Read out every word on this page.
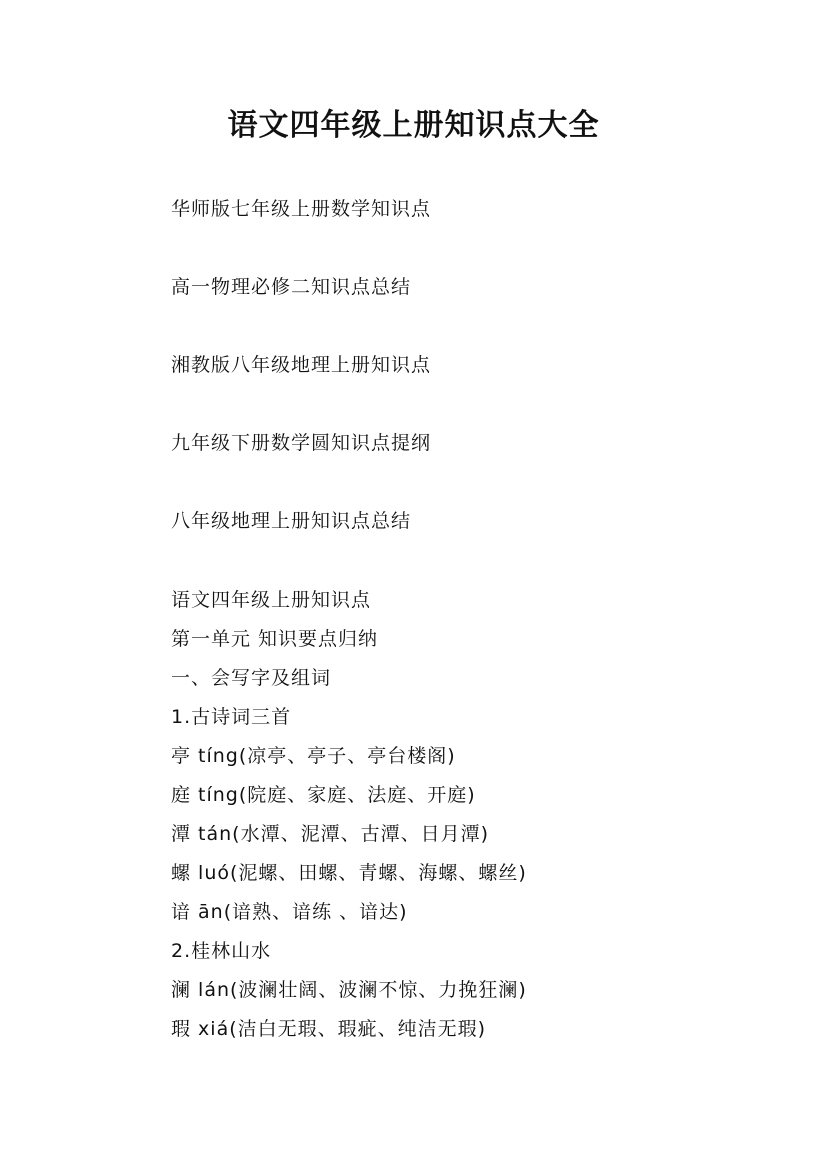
语文四年级上册知识点大全
华师版七年级上册数学知识点
高一物理必修二知识点总结
湘教版八年级地理上册知识点
九年级下册数学圆知识点提纲
八年级地理上册知识点总结
语文四年级上册知识点
第一单元 知识要点归纳
一、会写字及组词
1.古诗词三首
亭 tíng(凉亭、亭子、亭台楼阁)
庭 tíng(院庭、家庭、法庭、开庭)
潭 tán(水潭、泥潭、古潭、日月潭)
螺 luó(泥螺、田螺、青螺、海螺、螺丝)
谙 ān(谙熟、谙练 、谙达)
2.桂林山水
澜 lán(波澜壮阔、波澜不惊、力挽狂澜)
瑕 xiá(洁白无瑕、瑕疵、纯洁无瑕)
